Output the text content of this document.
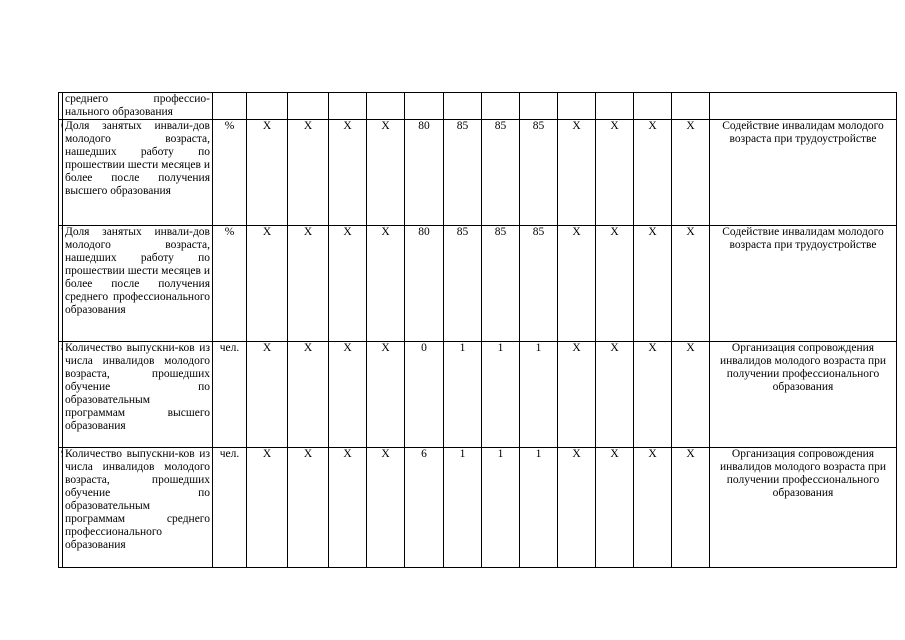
	среднего профессио-нального образования														
	Доля занятых инвали-дов молодого возраста, нашедших работу по прошествии шести месяцев и более после получения высшего образования	%	Х	Х	Х	Х	80	85	85	85	Х	Х	Х	Х	Содействие инвалидам молодого возраста при трудоустройстве
	Доля занятых инвали-дов молодого возраста, нашедших работу по прошествии шести месяцев и более после получения среднего профессионального образования	%	Х	Х	Х	Х	80	85	85	85	Х	Х	Х	Х	Содействие инвалидам молодого возраста при трудоустройстве
	Количество выпускни-ков из числа инвалидов молодого возраста, прошедших обучение по образовательным программам высшего образования	чел.	Х	Х	Х	Х	0	1	1	1	Х	Х	Х	Х	Организация сопровождения инвалидов молодого возраста при получении профессионального образования
	Количество выпускни-ков из числа инвалидов молодого возраста, прошедших обучение по образовательным программам среднего профессионального образования	чел.	Х	Х	Х	Х	6	1	1	1	Х	Х	Х	Х	Организация сопровождения инвалидов молодого возраста при получении профессионального образования
